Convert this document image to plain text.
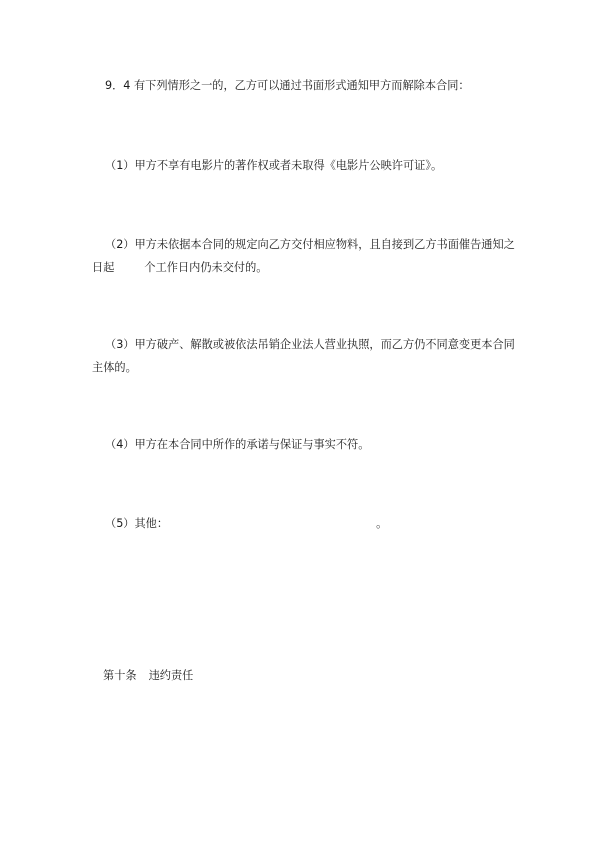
9．4 有下列情形之一的，乙方可以通过书面形式通知甲方而解除本合同：

（1）甲方不享有电影片的著作权或者未取得《电影片公映许可证》。

（2）甲方未依据本合同的规定向乙方交付相应物料，且自接到乙方书面催告通知之日起	个工作日内仍未交付的。

（3）甲方破产、解散或被依法吊销企业法人营业执照，而乙方仍不同意变更本合同主体的。

（4）甲方在本合同中所作的承诺与保证与事实不符。

（5）其他：	。

第十条 违约责任
